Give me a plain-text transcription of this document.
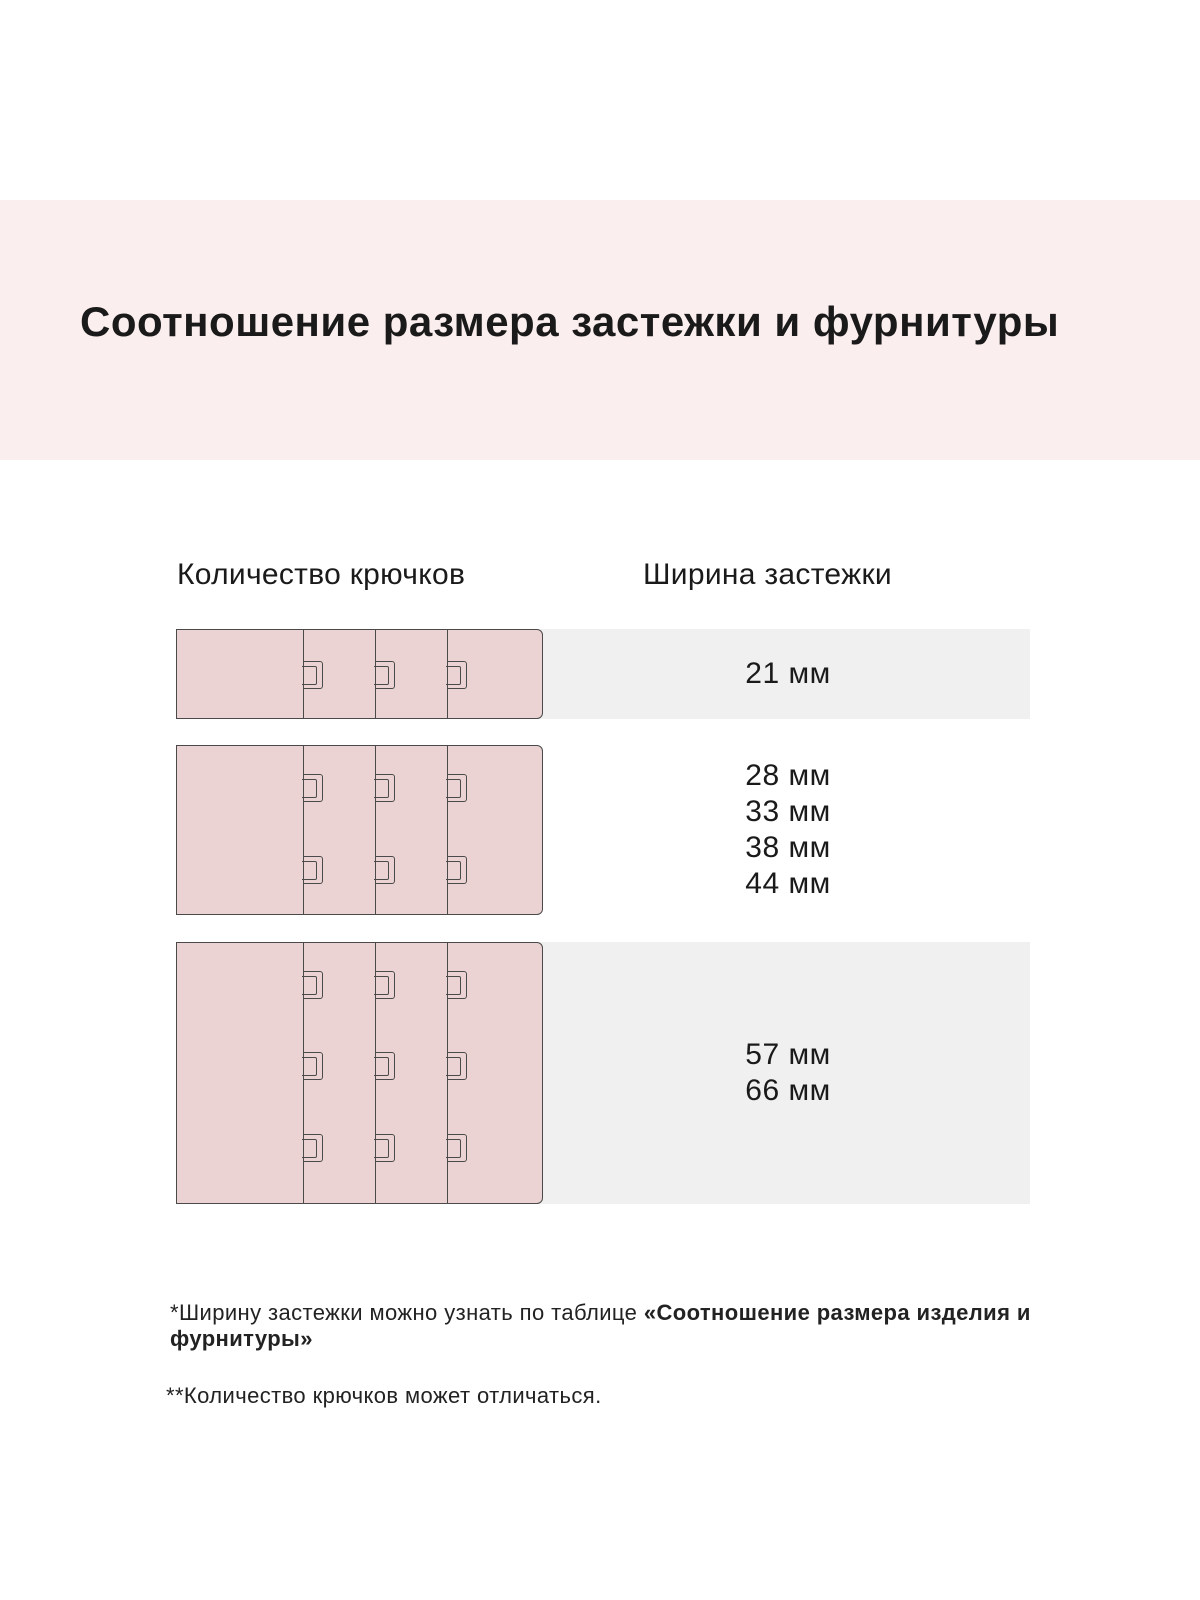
Соотношение размера застежки и фурнитуры
Количество крючков	Ширина застежки
21 мм
28 мм
33 мм
38 мм
44 мм
57 мм
66 мм
*Ширину застежки можно узнать по таблице «Соотношение размера изделия и фурнитуры»
**Количество крючков может отличаться.
